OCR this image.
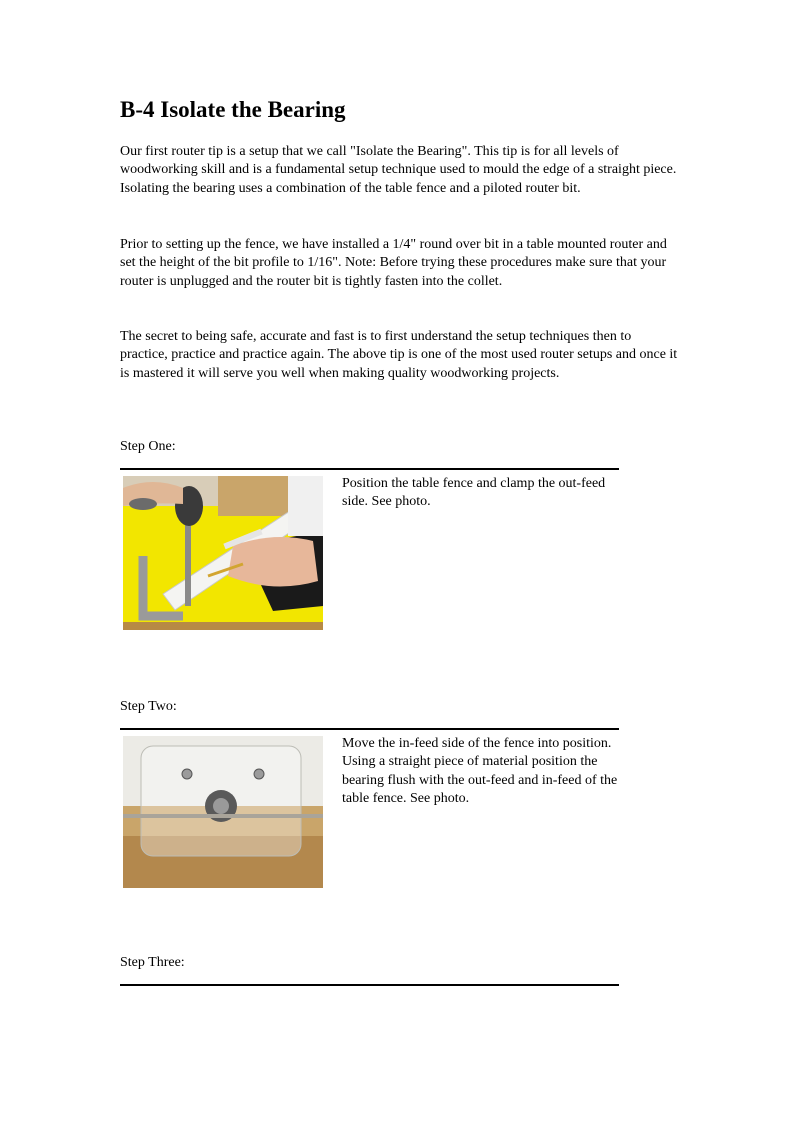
B-4 Isolate the Bearing

Our first router tip is a setup that we call "Isolate the Bearing". This tip is for all levels of woodworking skill and is a fundamental setup technique used to mould the edge of a straight piece. Isolating the bearing uses a combination of the table fence and a piloted router bit.

Prior to setting up the fence, we have installed a 1/4" round over bit in a table mounted router and set the height of the bit profile to 1/16". Note: Before trying these procedures make sure that your router is unplugged and the router bit is tightly fasten into the collet.

The secret to being safe, accurate and fast is to first understand the setup techniques then to practice, practice and practice again. The above tip is one of the most used router setups and once it is mastered it will serve you well when making quality woodworking projects.

Step One:

Position the table fence and clamp the out-feed side. See photo.

Step Two:

Move the in-feed side of the fence into position. Using a straight piece of material position the bearing flush with the out-feed and in-feed of the table fence. See photo.

Step Three:
